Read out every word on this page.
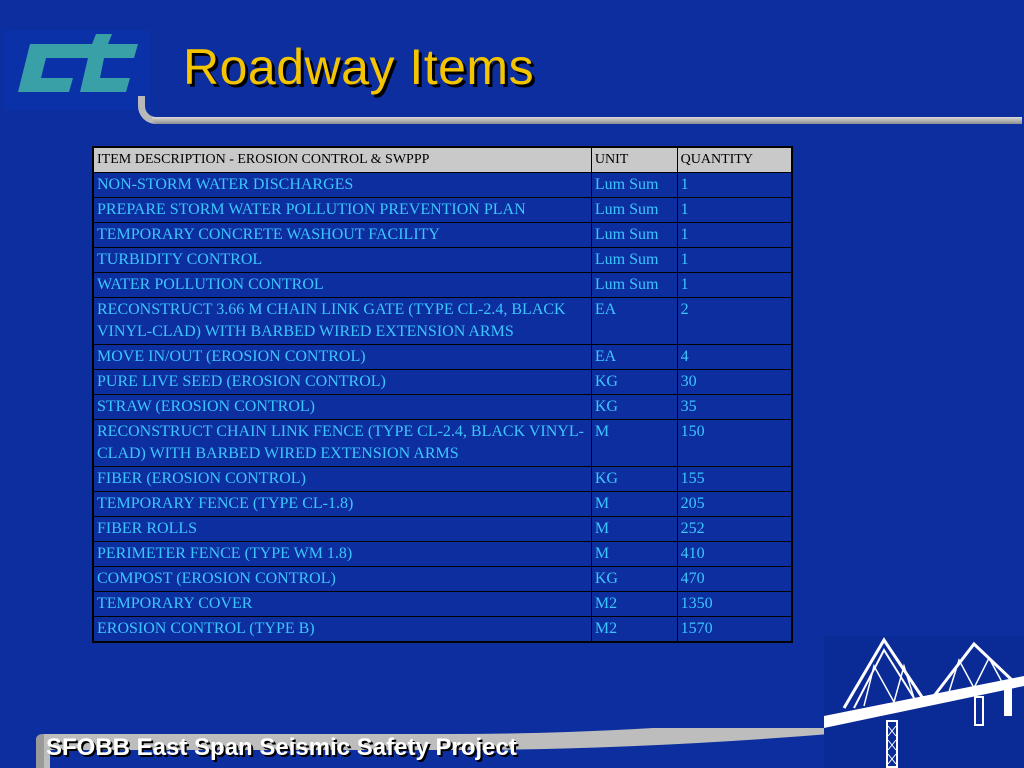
Roadway Items
ITEM DESCRIPTION - EROSION CONTROL & SWPPP	UNIT	QUANTITY
NON-STORM WATER DISCHARGES	Lum Sum	1
PREPARE STORM WATER POLLUTION PREVENTION PLAN	Lum Sum	1
TEMPORARY CONCRETE WASHOUT FACILITY	Lum Sum	1
TURBIDITY CONTROL	Lum Sum	1
WATER POLLUTION CONTROL	Lum Sum	1
RECONSTRUCT 3.66 M CHAIN LINK GATE (TYPE CL-2.4, BLACK VINYL-CLAD) WITH BARBED WIRED EXTENSION ARMS	EA	2
MOVE IN/OUT (EROSION CONTROL)	EA	4
PURE LIVE SEED (EROSION CONTROL)	KG	30
STRAW (EROSION CONTROL)	KG	35
RECONSTRUCT CHAIN LINK FENCE (TYPE CL-2.4, BLACK VINYL-CLAD) WITH BARBED WIRED EXTENSION ARMS	M	150
FIBER (EROSION CONTROL)	KG	155
TEMPORARY FENCE (TYPE CL-1.8)	M	205
FIBER ROLLS	M	252
PERIMETER FENCE (TYPE WM 1.8)	M	410
COMPOST (EROSION CONTROL)	KG	470
TEMPORARY COVER	M2	1350
EROSION CONTROL (TYPE B)	M2	1570
SFOBB East Span Seismic Safety Project
